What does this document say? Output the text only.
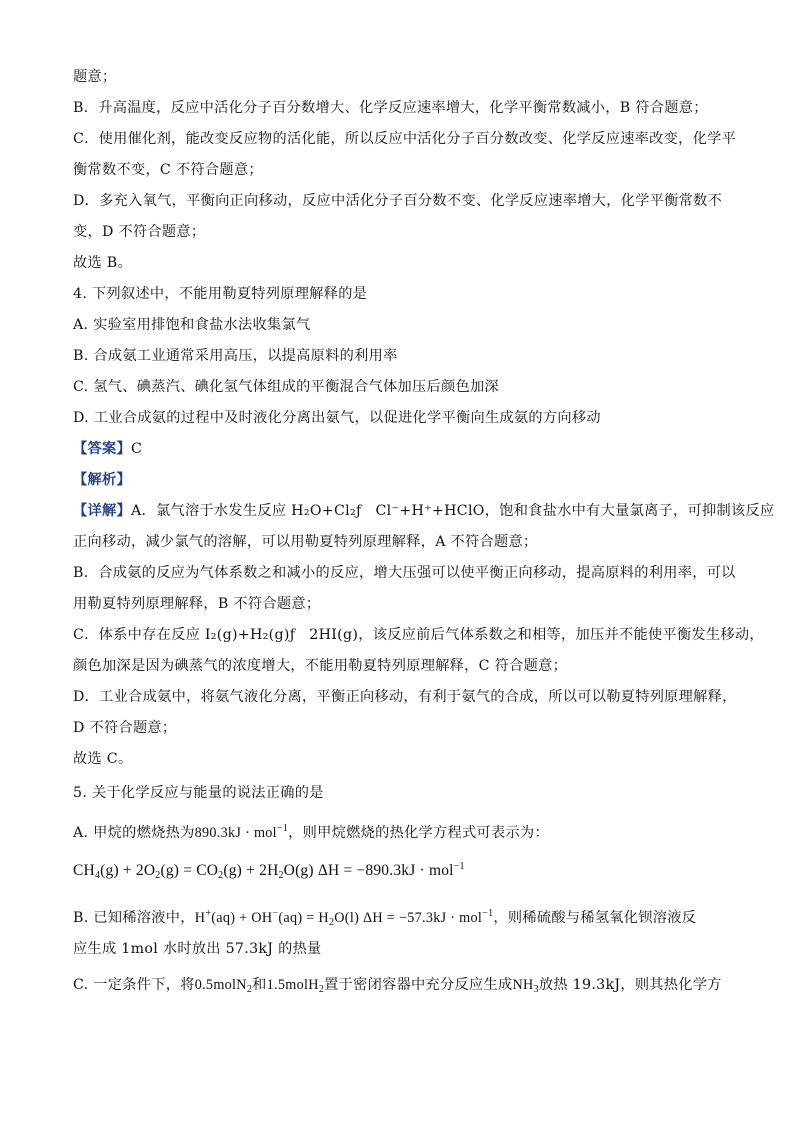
题意；
B．升高温度，反应中活化分子百分数增大、化学反应速率增大，化学平衡常数减小，B 符合题意；
C．使用催化剂，能改变反应物的活化能，所以反应中活化分子百分数改变、化学反应速率改变，化学平
衡常数不变，C 不符合题意；
D．多充入氧气，平衡向正向移动，反应中活化分子百分数不变、化学反应速率增大，化学平衡常数不
变，D 不符合题意；
故选 B。
4. 下列叙述中，不能用勒夏特列原理解释的是
A. 实验室用排饱和食盐水法收集氯气
B. 合成氨工业通常采用高压，以提高原料的利用率
C. 氢气、碘蒸汽、碘化氢气体组成的平衡混合气体加压后颜色加深
D. 工业合成氨的过程中及时液化分离出氨气，以促进化学平衡向生成氨的方向移动
【答案】C
【解析】
【详解】A．氯气溶于水发生反应 H₂O+Cl₂ƒ Cl⁻+H⁺+HClO，饱和食盐水中有大量氯离子，可抑制该反应
正向移动，减少氯气的溶解，可以用勒夏特列原理解释，A 不符合题意；
B．合成氨的反应为气体系数之和减小的反应，增大压强可以使平衡正向移动，提高原料的利用率，可以
用勒夏特列原理解释，B 不符合题意；
C．体系中存在反应 I₂(g)+H₂(g)ƒ 2HI(g)，该反应前后气体系数之和相等，加压并不能使平衡发生移动，
颜色加深是因为碘蒸气的浓度增大，不能用勒夏特列原理解释，C 符合题意；
D．工业合成氨中，将氨气液化分离，平衡正向移动，有利于氨气的合成，所以可以勒夏特列原理解释，
D 不符合题意；
故选 C。
5. 关于化学反应与能量的说法正确的是
A. 甲烷的燃烧热为890.3kJ · mol$^{-1}$，则甲烷燃烧的热化学方程式可表示为：
$CH_4(g) + 2O_2(g) = CO_2(g) + 2H_2O(g) \Delta H = -890.3kJ \cdot mol^{-1}$
B. 已知稀溶液中，$H^+(aq) + OH^-(aq) = H_2O(l) \Delta H = -57.3kJ \cdot mol^{-1}$，则稀硫酸与稀氢氧化钡溶液反
应生成 1mol 水时放出 57.3kJ 的热量
C. 一定条件下，将0.5molN$_2$和1.5molH$_2$置于密闭容器中充分反应生成$NH_3$放热 19.3kJ，则其热化学方
